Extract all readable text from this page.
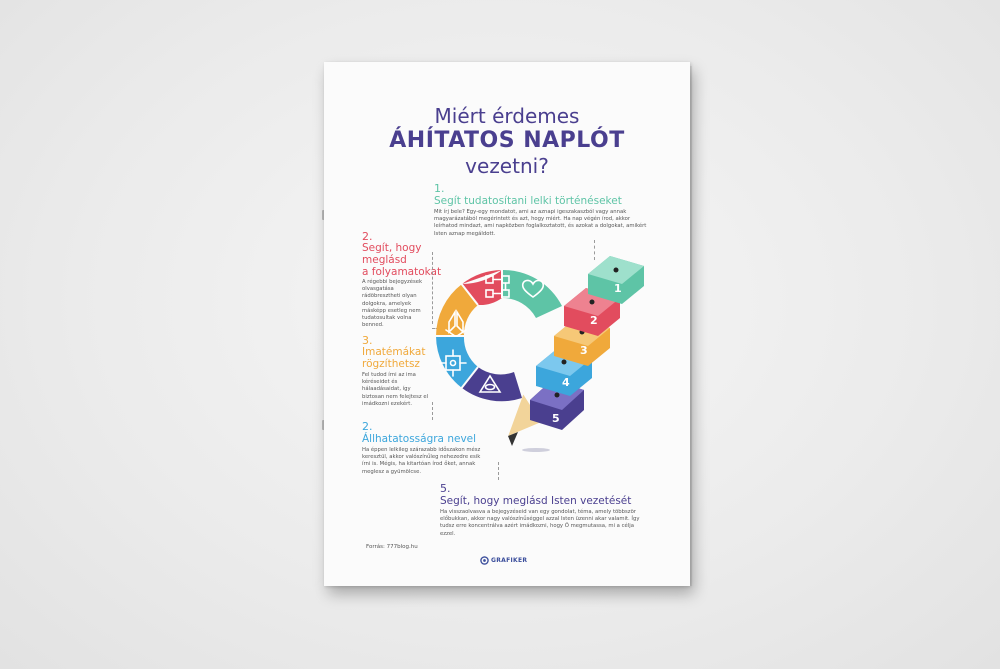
Miért érdemes
ÁHÍTATOS NAPLÓT
vezetni?
1.
Segít tudatosítani lelki történéseket
Mit írj bele? Egy-egy mondatot, ami az aznapi igeszakaszból vagy annak magyarázatából megérintett és azt, hogy miért. Ha nap végén írod, akkor leírhatod mindazt, ami napközben foglalkoztatott, és azokat a dolgokat, amikért Isten aznap megáldott.
2.
Segít, hogy
meglásd
a folyamatokat
A régebbi bejegyzések olvasgatása rádöbresztheti olyan dolgokra, amelyek másképp esetleg nem tudatosultak volna benned.
3.
Imatémákat
rögzíthetsz
Fel tudod írni az ima kéréseidet és hálaadásaidat, így biztosan nem felejtesz el imádkozni ezekért.
2.
Állhatatosságra nevel
Ha éppen lelkileg szárazabb időszakon mész keresztül, akkor valószínűleg nehezedre esik írni is. Mégis, ha kitartóan írod őket, annak meglesz a gyümölcse.
5.
Segít, hogy meglásd Isten vezetését
Ha visszaolvasva a bejegyzéseid van egy gondolat, téma, amely többször előbukkan, akkor nagy valószínűséggel azzal Isten üzenni akar valamit. Így tudsz erre koncentrálva azért imádkozni, hogy Ő megmutassa, mi a célja ezzel.
5
4
3
2
1
Forrás: 777blog.hu
GRAFIKER
